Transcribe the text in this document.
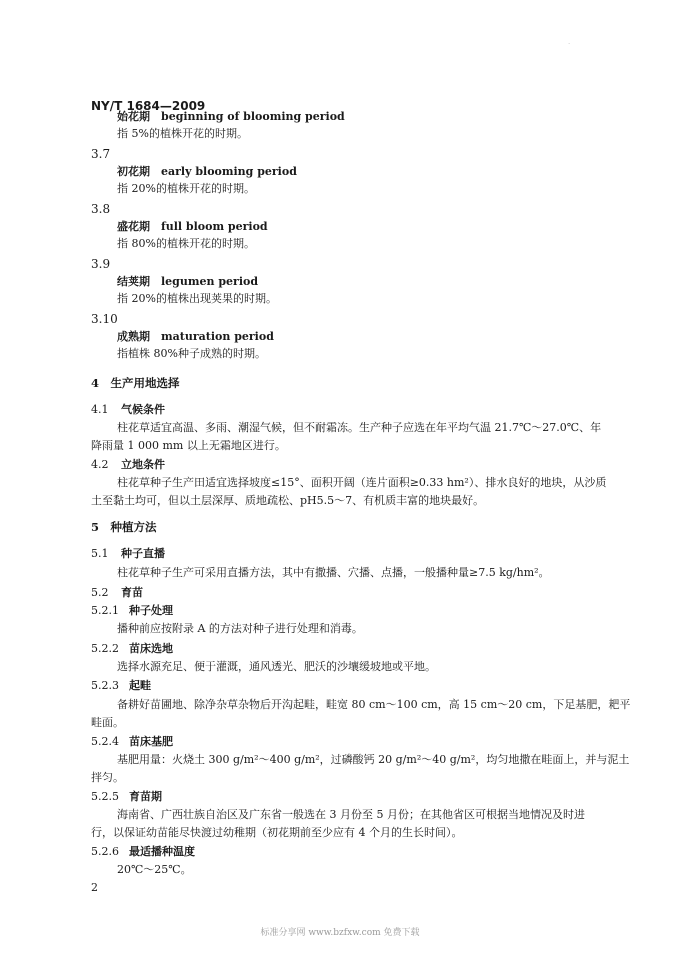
·
NY/T 1684—2009
始花期　beginning of blooming period
指 5%的植株开花的时期。
3.7
初花期　early blooming period
指 20%的植株开花的时期。
3.8
盛花期　full bloom period
指 80%的植株开花的时期。
3.9
结荚期　legumen period
指 20%的植株出现荚果的时期。
3.10
成熟期　maturation period
指植株 80%种子成熟的时期。
4　生产用地选择
4.1 气候条件
柱花草适宜高温、多雨、潮湿气候，但不耐霜冻。生产种子应选在年平均气温 21.7℃～27.0℃、年
降雨量 1 000 mm 以上无霜地区进行。
4.2 立地条件
柱花草种子生产田适宜选择坡度≤15°、面积开阔（连片面积≥0.33 hm²）、排水良好的地块，从沙质
土至黏土均可，但以土层深厚、质地疏松、pH5.5～7、有机质丰富的地块最好。
5　种植方法
5.1 种子直播
柱花草种子生产可采用直播方法，其中有撒播、穴播、点播，一般播种量≥7.5 kg/hm²。
5.2 育苗
5.2.1 种子处理
播种前应按附录 A 的方法对种子进行处理和消毒。
5.2.2 苗床选地
选择水源充足、便于灌溉，通风透光、肥沃的沙壤缓坡地或平地。
5.2.3 起畦
备耕好苗圃地、除净杂草杂物后开沟起畦，畦宽 80 cm～100 cm，高 15 cm～20 cm，下足基肥，耙平
畦面。
5.2.4 苗床基肥
基肥用量：火烧土 300 g/m²～400 g/m²，过磷酸钙 20 g/m²～40 g/m²，均匀地撒在畦面上，并与泥土
拌匀。
5.2.5 育苗期
海南省、广西壮族自治区及广东省一般选在 3 月份至 5 月份；在其他省区可根据当地情况及时进
行，以保证幼苗能尽快渡过幼稚期（初花期前至少应有 4 个月的生长时间）。
5.2.6 最适播种温度
20℃～25℃。
2
标准分享网 www.bzfxw.com 免费下载
